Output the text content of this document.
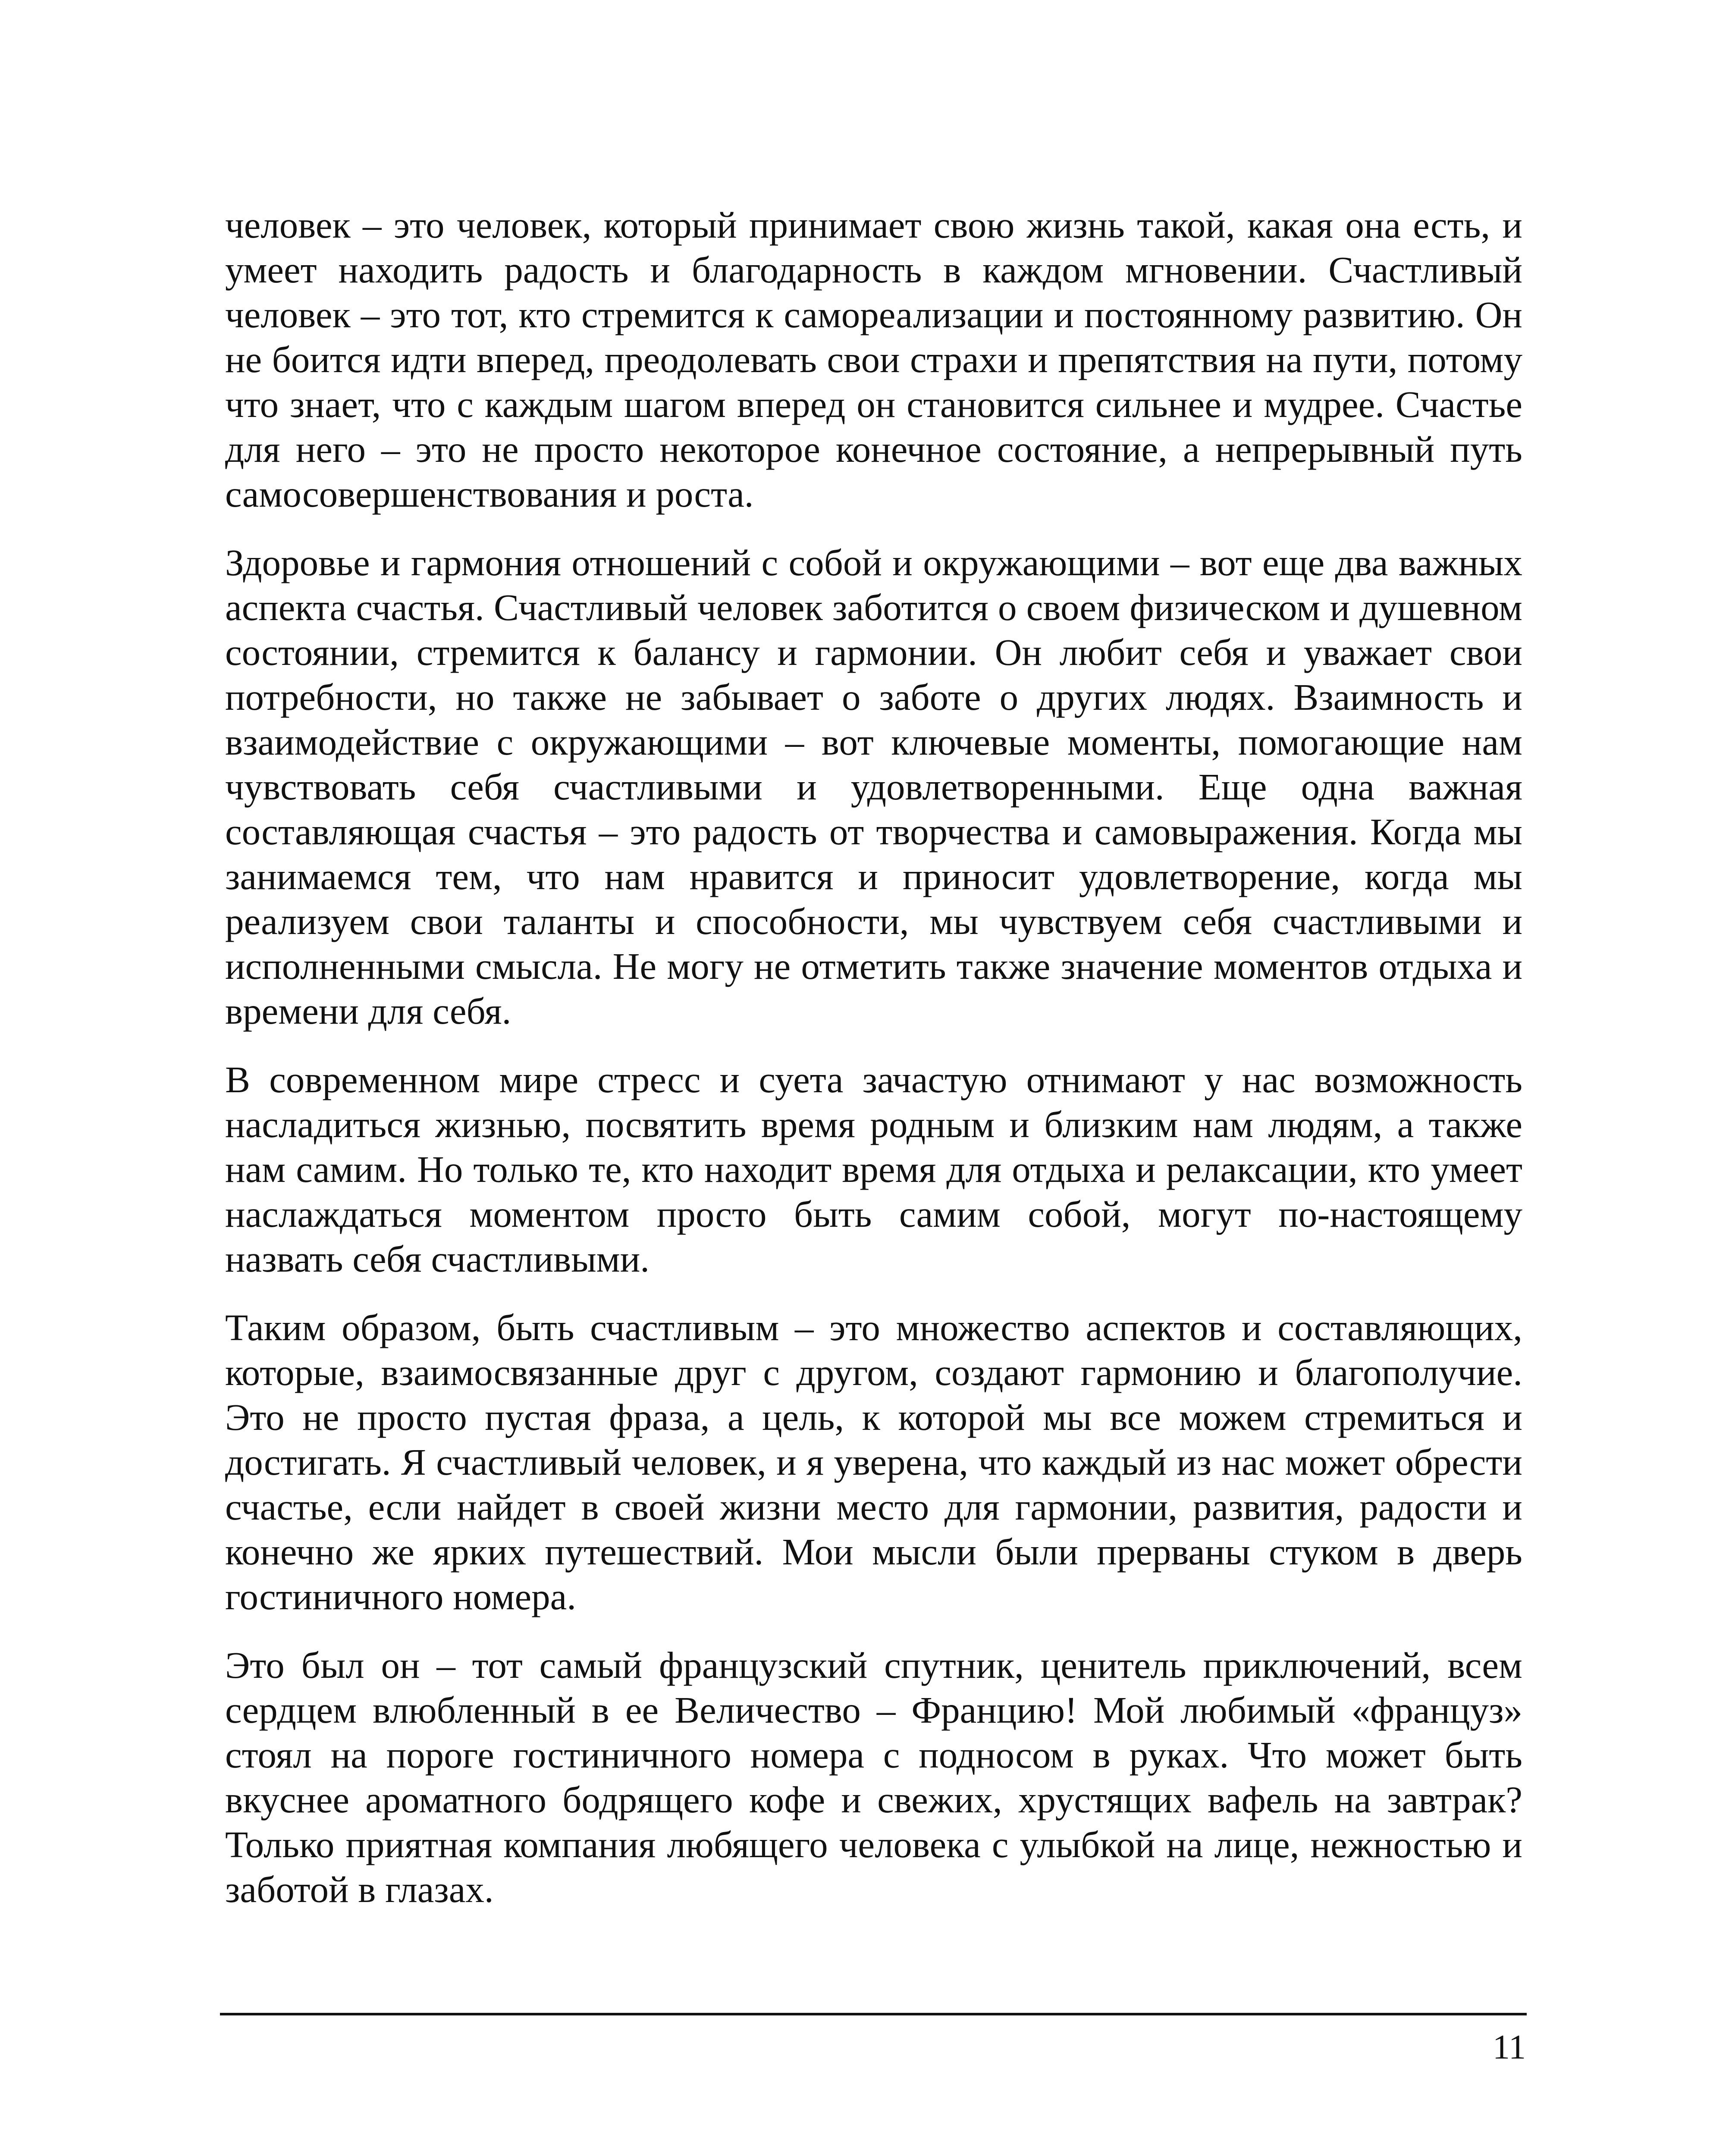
человек – это человек, который принимает свою жизнь такой, какая она есть, и умеет находить радость и благодарность в каждом мгновении. Счастливый человек – это тот, кто стремится к самореализации и постоянному развитию. Он не боится идти вперед, преодолевать свои страхи и препятствия на пути, потому что знает, что с каждым шагом вперед он становится сильнее и мудрее. Счастье для него – это не просто некоторое конечное состояние, а непрерывный путь самосовершенствования и роста.

Здоровье и гармония отношений с собой и окружающими – вот еще два важных аспекта счастья. Счастливый человек заботится о своем физическом и душевном состоянии, стремится к балансу и гармонии. Он любит себя и уважает свои потребности, но также не забывает о заботе о других людях. Взаимность и взаимодействие с окружающими – вот ключевые моменты, помогающие нам чувствовать себя счастливыми и удовлетворенными. Еще одна важная составляющая счастья – это радость от творчества и самовыражения. Когда мы занимаемся тем, что нам нравится и приносит удовлетворение, когда мы реализуем свои таланты и способности, мы чувствуем себя счастливыми и исполненными смысла. Не могу не отметить также значение моментов отдыха и времени для себя.

В современном мире стресс и суета зачастую отнимают у нас возможность насладиться жизнью, посвятить время родным и близким нам людям, а также нам самим. Но только те, кто находит время для отдыха и релаксации, кто умеет наслаждаться моментом просто быть самим собой, могут по-настоящему назвать себя счастливыми.

Таким образом, быть счастливым – это множество аспектов и составляющих, которые, взаимосвязанные друг с другом, создают гармонию и благополучие. Это не просто пустая фраза, а цель, к которой мы все можем стремиться и достигать. Я счастливый человек, и я уверена, что каждый из нас может обрести счастье, если найдет в своей жизни место для гармонии, развития, радости и конечно же ярких путешествий. Мои мысли были прерваны стуком в дверь гостиничного номера.

Это был он – тот самый французский спутник, ценитель приключений, всем сердцем влюбленный в ее Величество – Францию! Мой любимый «француз» стоял на пороге гостиничного номера с подносом в руках. Что может быть вкуснее ароматного бодрящего кофе и свежих, хрустящих вафель на завтрак? Только приятная компания любящего человека с улыбкой на лице, нежностью и заботой в глазах.

11
